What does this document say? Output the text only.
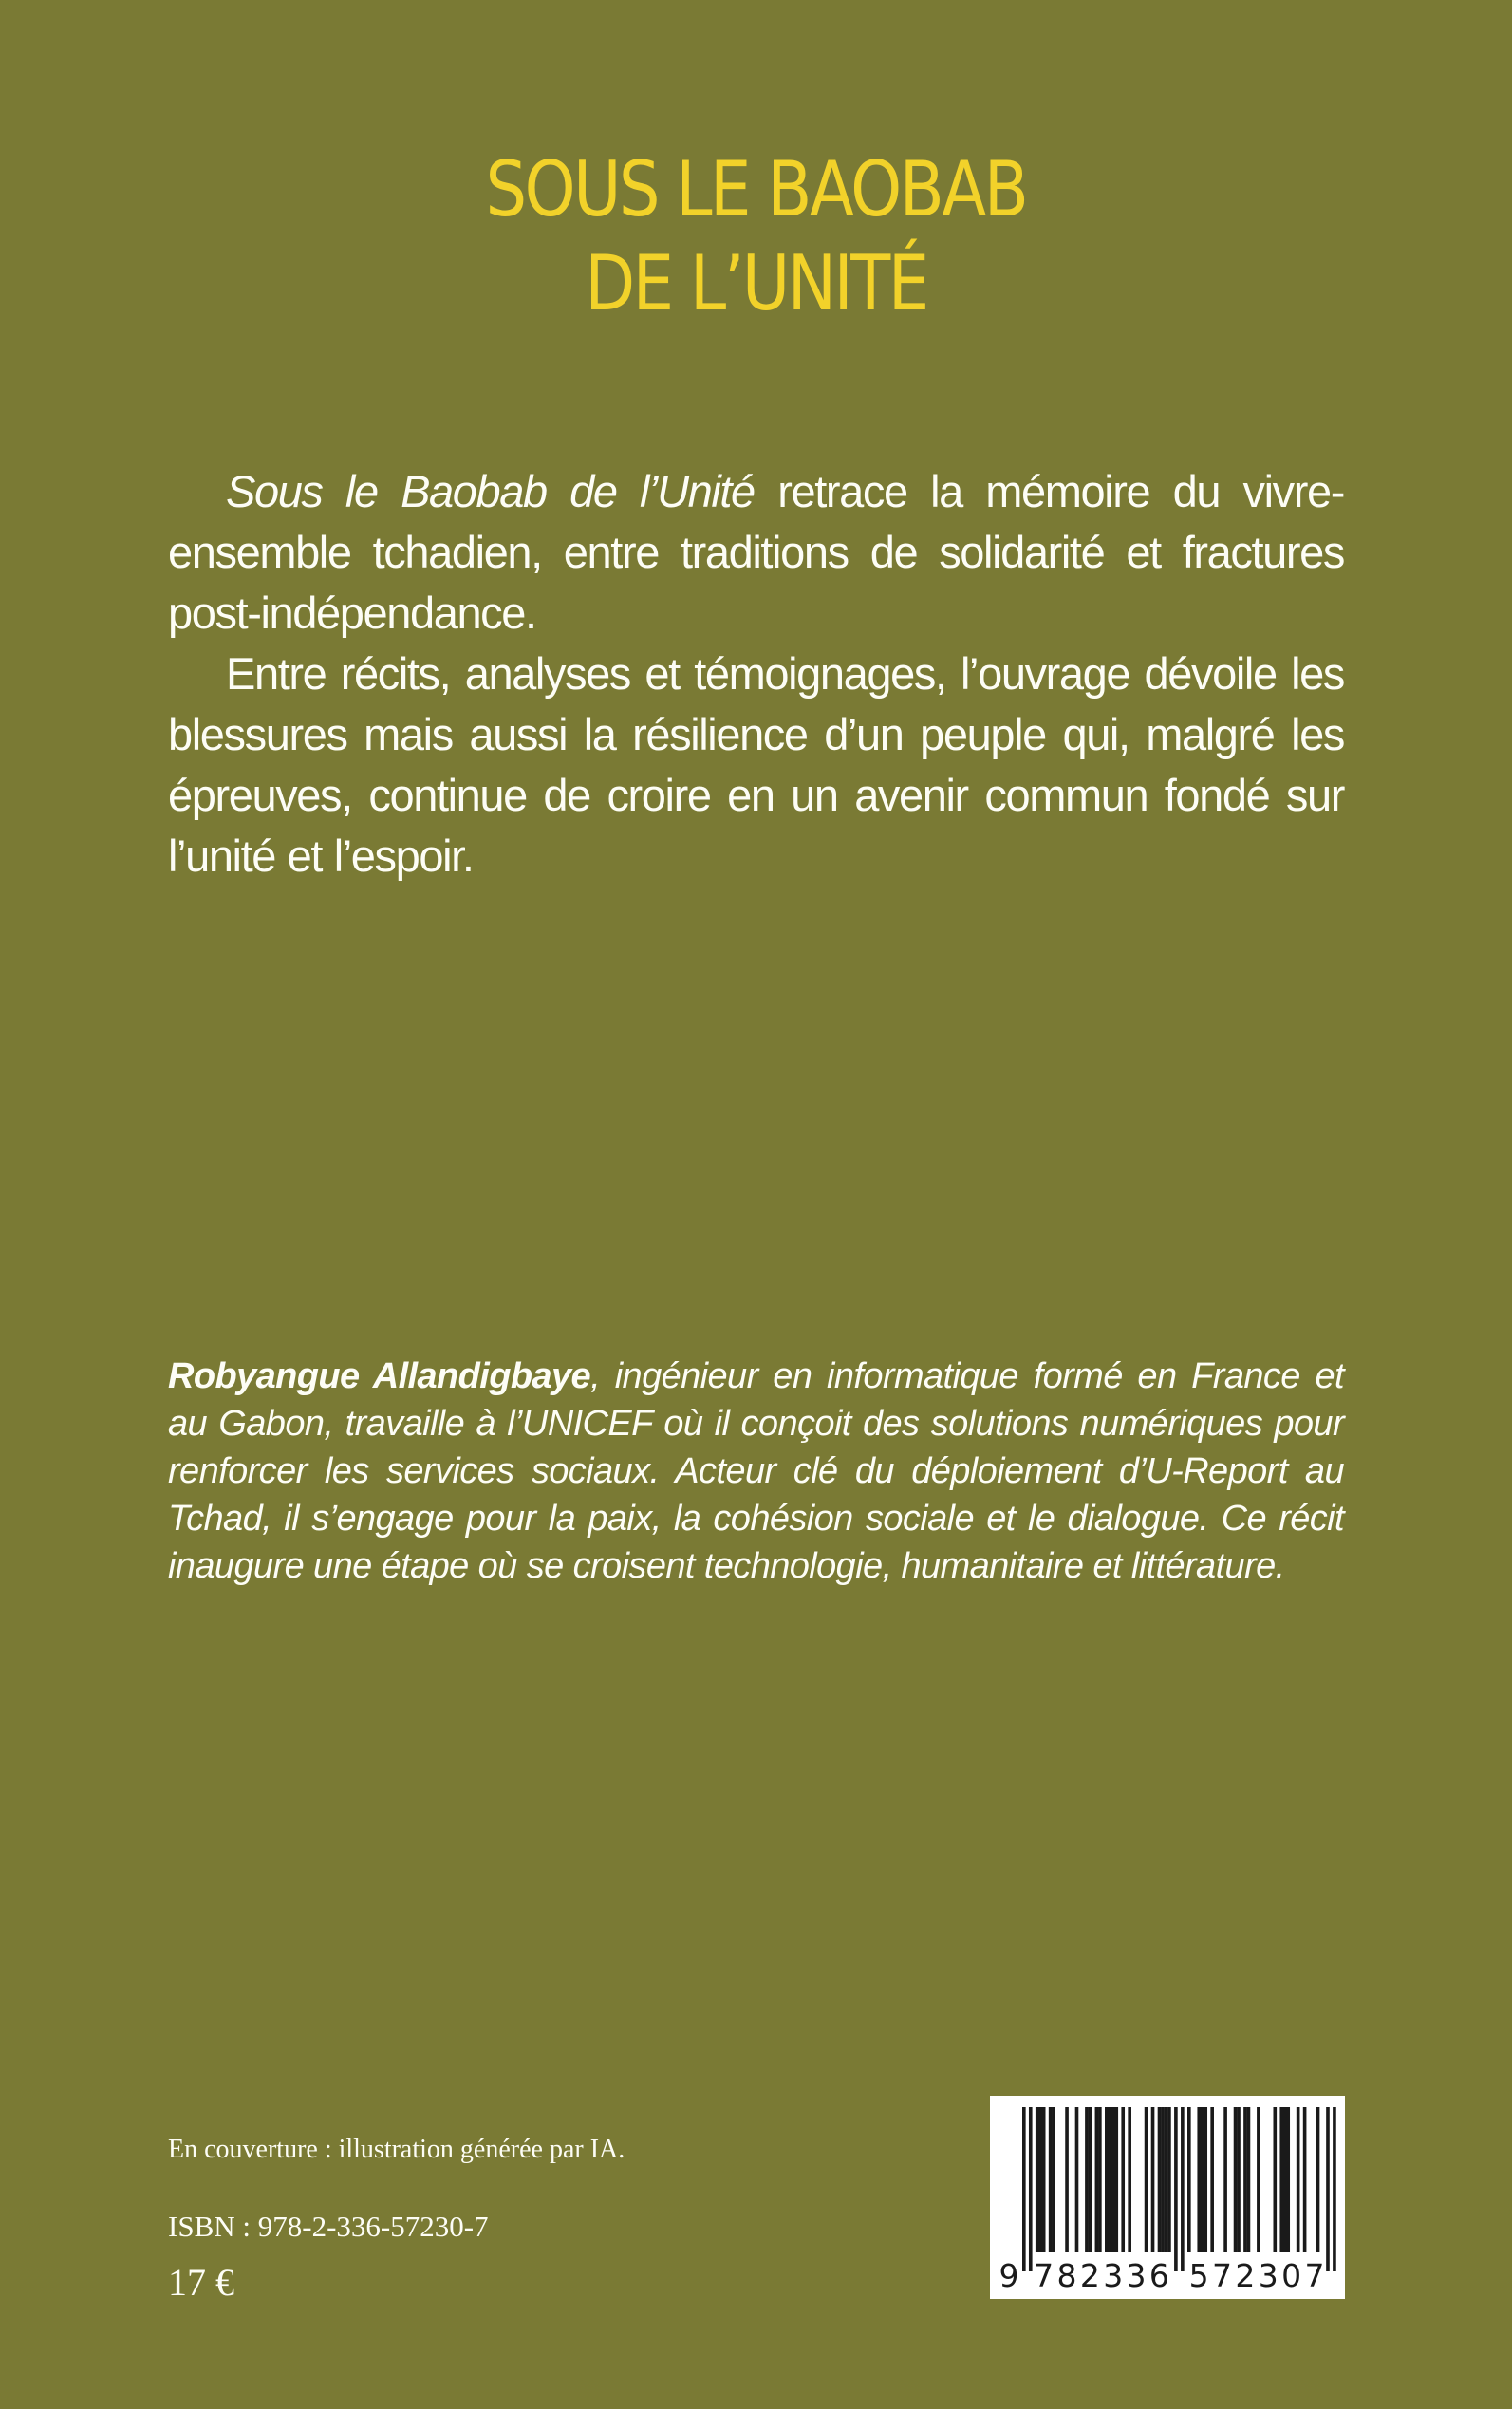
SOUS LE BAOBAB
DE L’UNITÉ

Sous le Baobab de l’Unité retrace la mémoire du vivre-ensemble tchadien, entre traditions de solidarité et fractures post-indépendance.

Entre récits, analyses et témoignages, l’ouvrage dévoile les blessures mais aussi la résilience d’un peuple qui, malgré les épreuves, continue de croire en un avenir commun fondé sur l’unité et l’espoir.

Robyangue Allandigbaye, ingénieur en informatique formé en France et au Gabon, travaille à l’UNICEF où il conçoit des solutions numériques pour renforcer les services sociaux. Acteur clé du déploiement d’U-Report au Tchad, il s’engage pour la paix, la cohésion sociale et le dialogue. Ce récit inaugure une étape où se croisent technologie, humanitaire et littérature.

En couverture : illustration générée par IA.
ISBN : 978-2-336-57230-7
17 €	9 7 8 2 3 3 6 5 7 2 3 0 7
